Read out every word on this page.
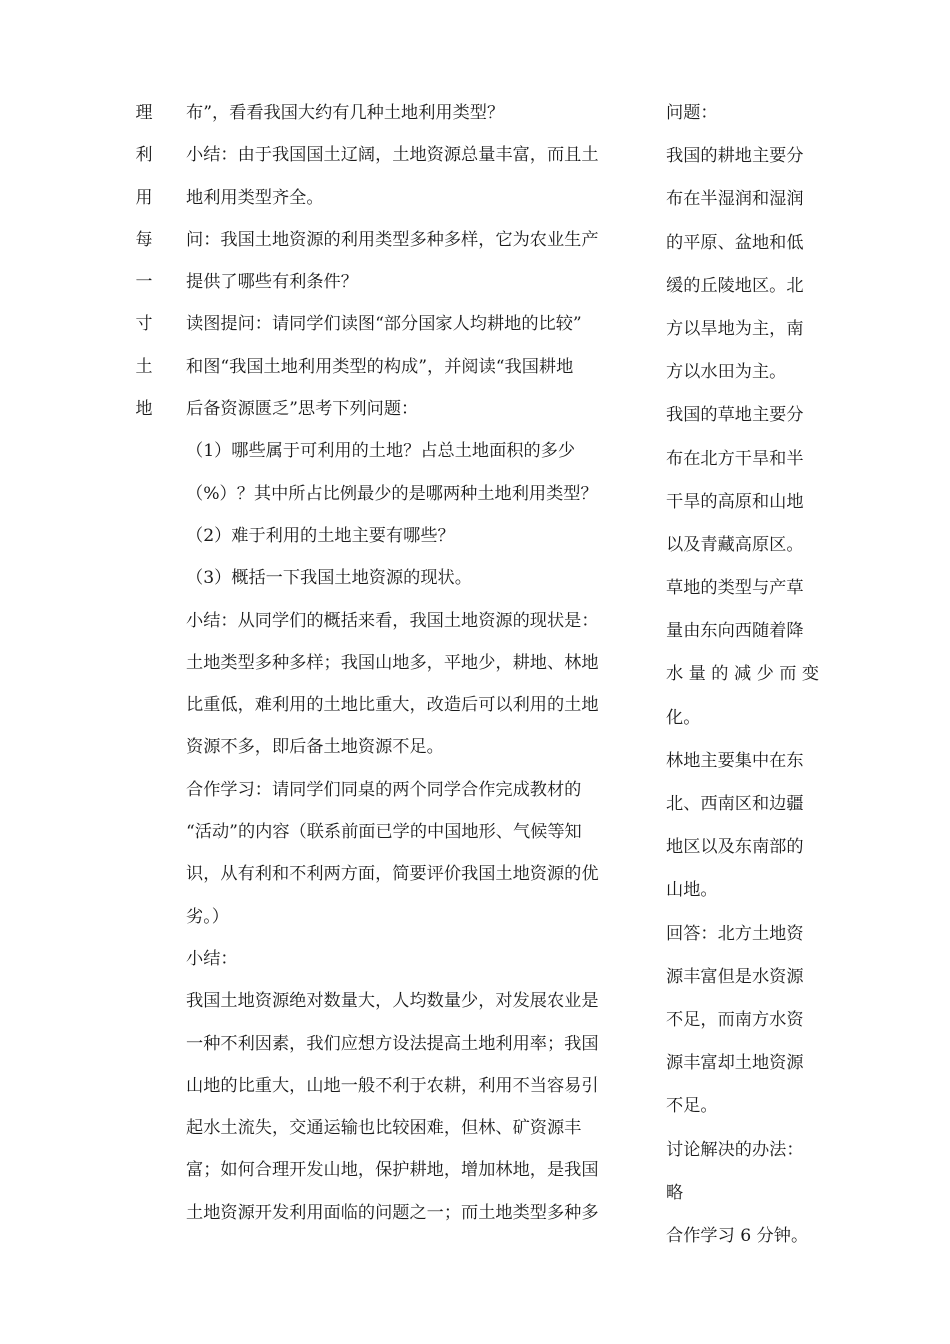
理
利
用
每
一
寸
土
地
布”，看看我国大约有几种土地利用类型？
小结：由于我国国土辽阔，土地资源总量丰富，而且土
地利用类型齐全。
问：我国土地资源的利用类型多种多样，它为农业生产
提供了哪些有利条件？
读图提问：请同学们读图“部分国家人均耕地的比较”
和图“我国土地利用类型的构成”，并阅读“我国耕地
后备资源匮乏”思考下列问题：
（1）哪些属于可利用的土地？占总土地面积的多少
（%）？其中所占比例最少的是哪两种土地利用类型？
（2）难于利用的土地主要有哪些？
（3）概括一下我国土地资源的现状。
小结：从同学们的概括来看，我国土地资源的现状是：
土地类型多种多样；我国山地多，平地少，耕地、林地
比重低，难利用的土地比重大，改造后可以利用的土地
资源不多，即后备土地资源不足。
合作学习：请同学们同桌的两个同学合作完成教材的
“活动”的内容（联系前面已学的中国地形、气候等知
识，从有利和不利两方面，简要评价我国土地资源的优
劣。）
小结：
我国土地资源绝对数量大，人均数量少，对发展农业是
一种不利因素，我们应想方设法提高土地利用率；我国
山地的比重大，山地一般不利于农耕，利用不当容易引
起水土流失，交通运输也比较困难，但林、矿资源丰
富；如何合理开发山地，保护耕地，增加林地，是我国
土地资源开发利用面临的问题之一；而土地类型多种多
问题：
我国的耕地主要分
布在半湿润和湿润
的平原、盆地和低
缓的丘陵地区。北
方以旱地为主，南
方以水田为主。
我国的草地主要分
布在北方干旱和半
干旱的高原和山地
以及青藏高原区。
草地的类型与产草
量由东向西随着降
水 量 的 减 少 而 变
化。
林地主要集中在东
北、西南区和边疆
地区以及东南部的
山地。
回答：北方土地资
源丰富但是水资源
不足，而南方水资
源丰富却土地资源
不足。
讨论解决的办法：
略
合作学习 6 分钟。
